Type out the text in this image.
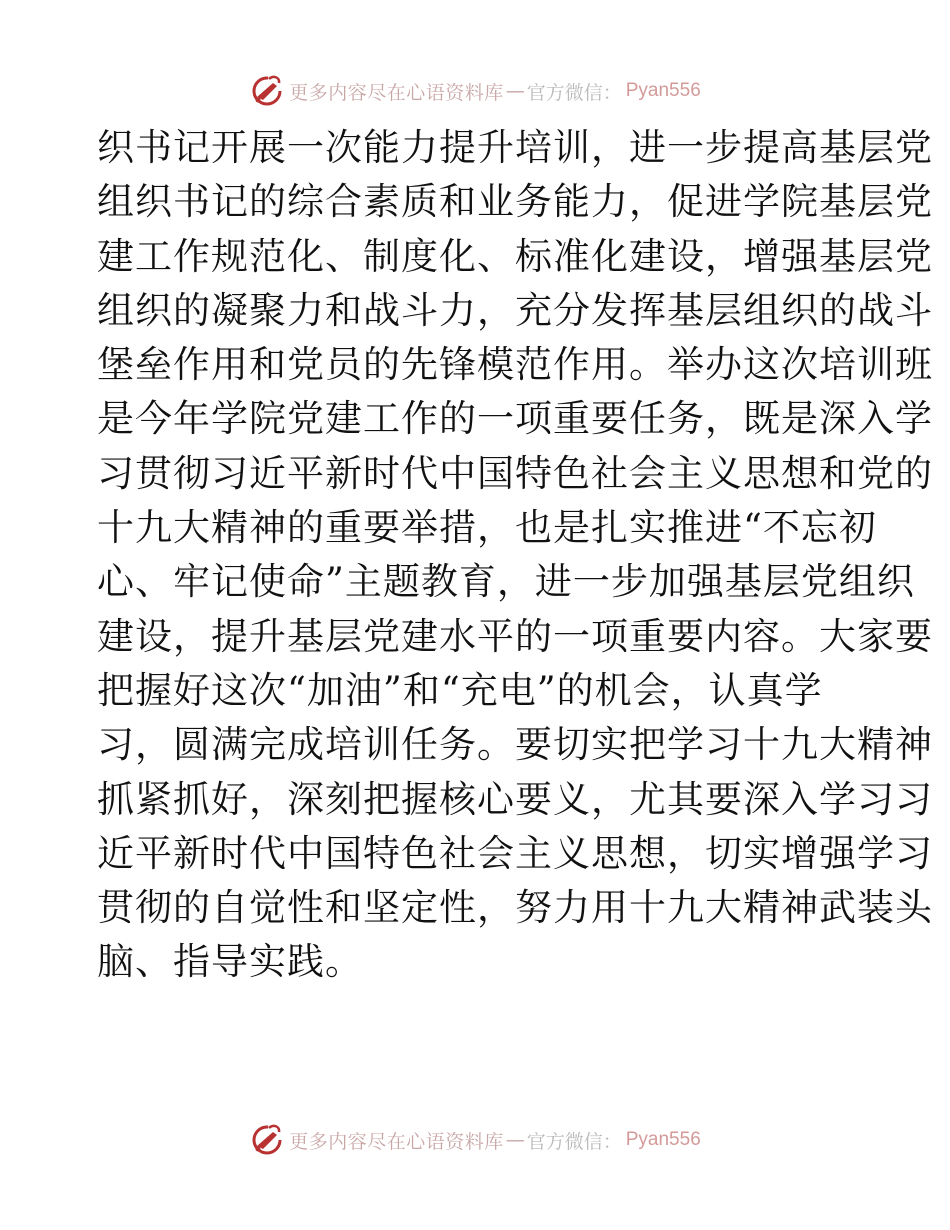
更多内容尽在心语资料库 — 官方微信： Pyan556
织书记开展一次能力提升培训，进一步提高基层党
组织书记的综合素质和业务能力，促进学院基层党
建工作规范化、制度化、标准化建设，增强基层党
组织的凝聚力和战斗力，充分发挥基层组织的战斗
堡垒作用和党员的先锋模范作用。举办这次培训班
是今年学院党建工作的一项重要任务，既是深入学
习贯彻习近平新时代中国特色社会主义思想和党的
十九大精神的重要举措，也是扎实推进“不忘初
心、牢记使命”主题教育，进一步加强基层党组织
建设，提升基层党建水平的一项重要内容。大家要
把握好这次“加油”和“充电”的机会，认真学
习，圆满完成培训任务。要切实把学习十九大精神
抓紧抓好，深刻把握核心要义，尤其要深入学习习
近平新时代中国特色社会主义思想，切实增强学习
贯彻的自觉性和坚定性，努力用十九大精神武装头
脑、指导实践。
更多内容尽在心语资料库 — 官方微信： Pyan556
